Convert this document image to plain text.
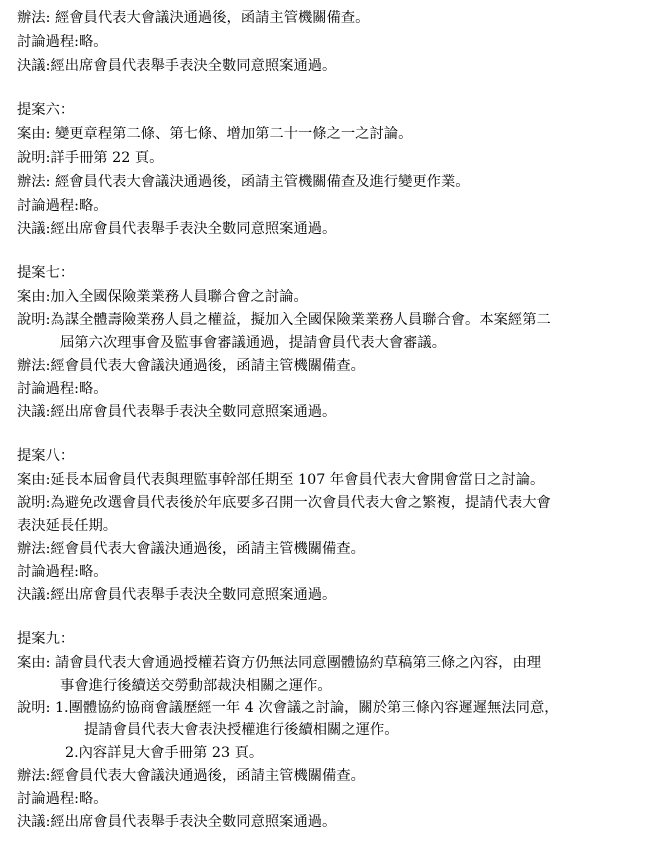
辦法: 經會員代表大會議決通過後，函請主管機關備查。
討論過程:略。
決議:經出席會員代表舉手表決全數同意照案通過。
提案六：
案由: 變更章程第二條、第七條、增加第二十一條之一之討論。
說明:詳手冊第 22 頁。
辦法: 經會員代表大會議決通過後，函請主管機關備查及進行變更作業。
討論過程:略。
決議:經出席會員代表舉手表決全數同意照案通過。
提案七：
案由:加入全國保險業業務人員聯合會之討論。
說明:為謀全體壽險業務人員之權益，擬加入全國保險業業務人員聯合會。本案經第二
屆第六次理事會及監事會審議通過，提請會員代表大會審議。
辦法:經會員代表大會議決通過後，函請主管機關備查。
討論過程:略。
決議:經出席會員代表舉手表決全數同意照案通過。
提案八：
案由:延長本屆會員代表與理監事幹部任期至 107 年會員代表大會開會當日之討論。
說明:為避免改選會員代表後於年底要多召開一次會員代表大會之繁複，提請代表大會
表決延長任期。
辦法:經會員代表大會議決通過後，函請主管機關備查。
討論過程:略。
決議:經出席會員代表舉手表決全數同意照案通過。
提案九：
案由: 請會員代表大會通過授權若資方仍無法同意團體協約草稿第三條之內容，由理
事會進行後續送交勞動部裁決相關之運作。
說明: 1.團體協約協商會議歷經一年 4 次會議之討論，關於第三條內容遲遲無法同意，
提請會員代表大會表決授權進行後續相關之運作。
2.內容詳見大會手冊第 23 頁。
辦法:經會員代表大會議決通過後，函請主管機關備查。
討論過程:略。
決議:經出席會員代表舉手表決全數同意照案通過。
